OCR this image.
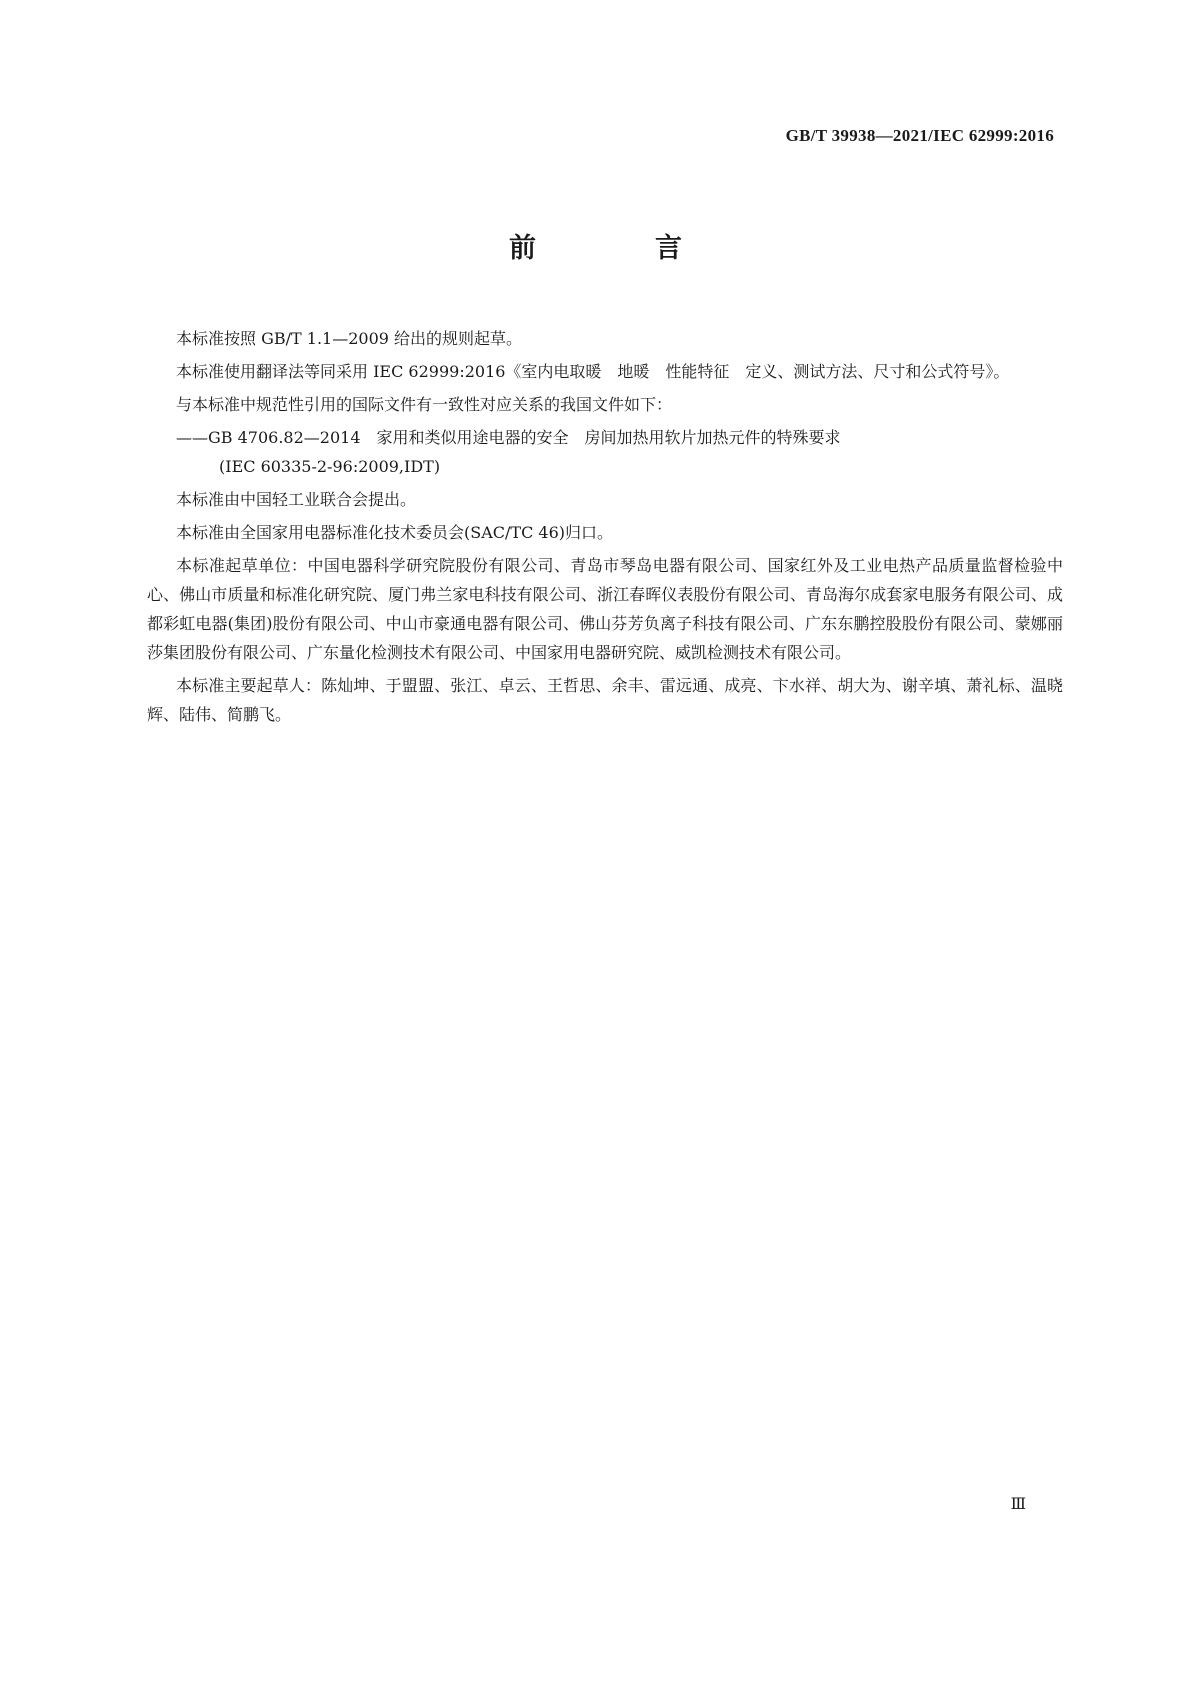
GB/T 39938—2021/IEC 62999:2016
前　言

本标准按照 GB/T 1.1—2009 给出的规则起草。

本标准使用翻译法等同采用 IEC 62999:2016《室内电取暖　地暖　性能特征　定义、测试方法、尺寸和公式符号》。

与本标准中规范性引用的国际文件有一致性对应关系的我国文件如下：

——GB 4706.82—2014　家用和类似用途电器的安全　房间加热用软片加热元件的特殊要求

(IEC 60335-2-96:2009,IDT)

本标准由中国轻工业联合会提出。

本标准由全国家用电器标准化技术委员会(SAC/TC 46)归口。

本标准起草单位：中国电器科学研究院股份有限公司、青岛市琴岛电器有限公司、国家红外及工业电热产品质量监督检验中心、佛山市质量和标准化研究院、厦门弗兰家电科技有限公司、浙江春晖仪表股份有限公司、青岛海尔成套家电服务有限公司、成都彩虹电器(集团)股份有限公司、中山市豪通电器有限公司、佛山芬芳负离子科技有限公司、广东东鹏控股股份有限公司、蒙娜丽莎集团股份有限公司、广东量化检测技术有限公司、中国家用电器研究院、威凯检测技术有限公司。

本标准主要起草人：陈灿坤、于盟盟、张江、卓云、王哲思、余丰、雷远通、成亮、卞水祥、胡大为、谢辛填、萧礼标、温晓辉、陆伟、简鹏飞。

Ⅲ
